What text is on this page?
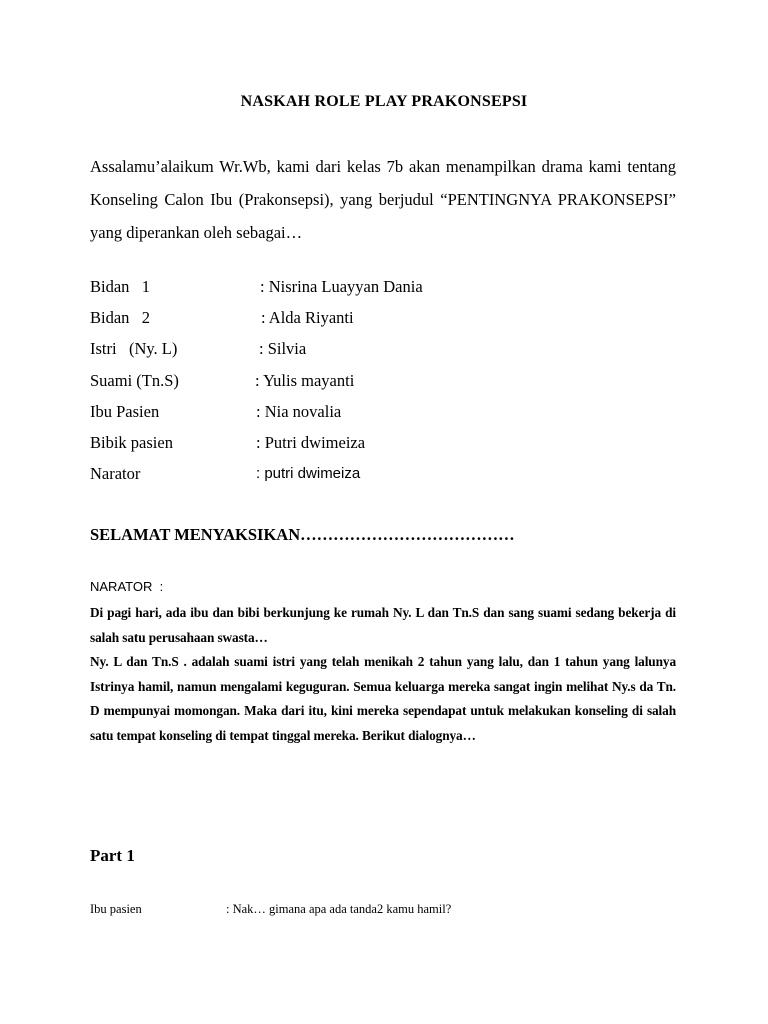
NASKAH ROLE PLAY PRAKONSEPSI
Assalamu’alaikum Wr.Wb, kami dari kelas 7b akan menampilkan drama kami tentang Konseling Calon Ibu (Prakonsepsi), yang berjudul “PENTINGNYA PRAKONSEPSI” yang diperankan oleh sebagai…
Bidan   1	: Nisrina Luayyan Dania
Bidan   2	: Alda Riyanti
Istri   (Ny. L)	: Silvia
Suami (Tn.S)	: Yulis mayanti
Ibu Pasien	: Nia novalia
Bibik pasien	: Putri dwimeiza
Narator	: putri dwimeiza
SELAMAT MENYAKSIKAN…………………………………
NARATOR  :

Di pagi hari, ada ibu dan bibi berkunjung ke rumah Ny. L dan Tn.S dan sang suami sedang bekerja di salah satu perusahaan swasta…

Ny. L dan Tn.S . adalah suami istri yang telah menikah 2 tahun yang lalu, dan 1 tahun yang lalunya Istrinya hamil, namun mengalami keguguran. Semua keluarga mereka sangat ingin melihat Ny.s da Tn. D mempunyai momongan. Maka dari itu, kini mereka sependapat untuk melakukan konseling di salah satu tempat konseling di tempat tinggal mereka. Berikut dialognya…

Part 1
Ibu pasien	: Nak… gimana apa ada tanda2 kamu hamil?
